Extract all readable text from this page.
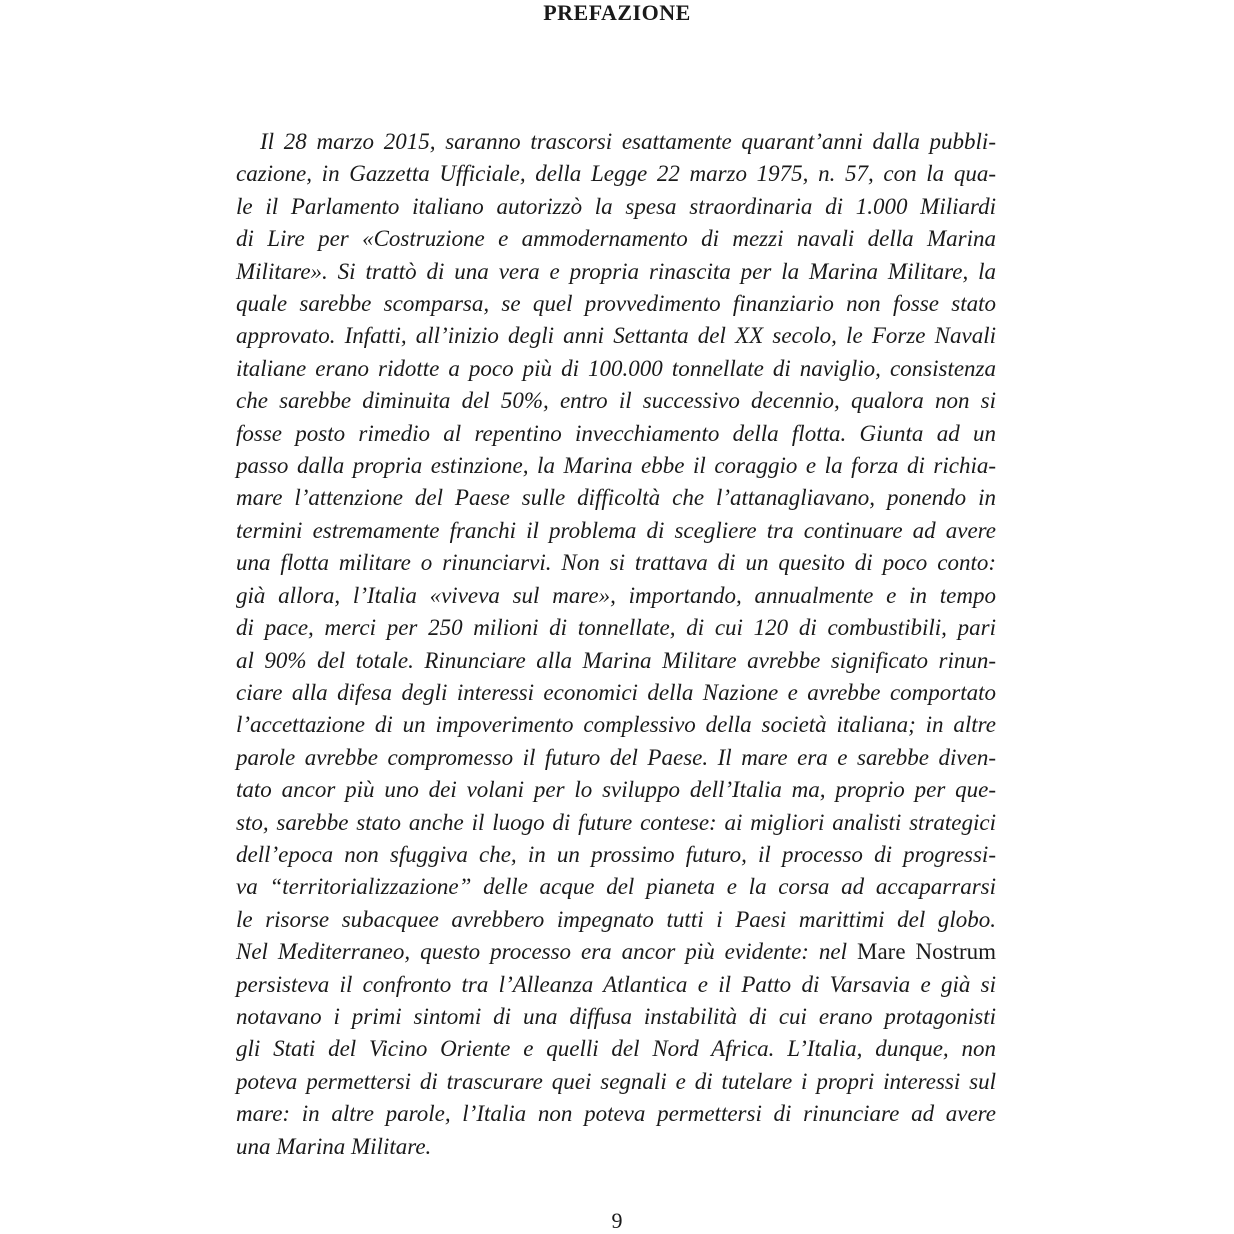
PREFAZIONE
Il 28 marzo 2015, saranno trascorsi esattamente quarant’anni dalla pubbli-
cazione, in Gazzetta Ufficiale, della Legge 22 marzo 1975, n. 57, con la qua-
le il Parlamento italiano autorizzò la spesa straordinaria di 1.000 Miliardi
di Lire per «Costruzione e ammodernamento di mezzi navali della Marina
Militare». Si trattò di una vera e propria rinascita per la Marina Militare, la
quale sarebbe scomparsa, se quel provvedimento finanziario non fosse stato
approvato. Infatti, all’inizio degli anni Settanta del XX secolo, le Forze Navali
italiane erano ridotte a poco più di 100.000 tonnellate di naviglio, consistenza
che sarebbe diminuita del 50%, entro il successivo decennio, qualora non si
fosse posto rimedio al repentino invecchiamento della flotta. Giunta ad un
passo dalla propria estinzione, la Marina ebbe il coraggio e la forza di richia-
mare l’attenzione del Paese sulle difficoltà che l’attanagliavano, ponendo in
termini estremamente franchi il problema di scegliere tra continuare ad avere
una flotta militare o rinunciarvi. Non si trattava di un quesito di poco conto:
già allora, l’Italia «viveva sul mare», importando, annualmente e in tempo
di pace, merci per 250 milioni di tonnellate, di cui 120 di combustibili, pari
al 90% del totale. Rinunciare alla Marina Militare avrebbe significato rinun-
ciare alla difesa degli interessi economici della Nazione e avrebbe comportato
l’accettazione di un impoverimento complessivo della società italiana; in altre
parole avrebbe compromesso il futuro del Paese. Il mare era e sarebbe diven-
tato ancor più uno dei volani per lo sviluppo dell’Italia ma, proprio per que-
sto, sarebbe stato anche il luogo di future contese: ai migliori analisti strategici
dell’epoca non sfuggiva che, in un prossimo futuro, il processo di progressi-
va “territorializzazione” delle acque del pianeta e la corsa ad accaparrarsi
le risorse subacquee avrebbero impegnato tutti i Paesi marittimi del globo.
Nel Mediterraneo, questo processo era ancor più evidente: nel Mare Nostrum
persisteva il confronto tra l’Alleanza Atlantica e il Patto di Varsavia e già si
notavano i primi sintomi di una diffusa instabilità di cui erano protagonisti
gli Stati del Vicino Oriente e quelli del Nord Africa. L’Italia, dunque, non
poteva permettersi di trascurare quei segnali e di tutelare i propri interessi sul
mare: in altre parole, l’Italia non poteva permettersi di rinunciare ad avere
una Marina Militare.
9
